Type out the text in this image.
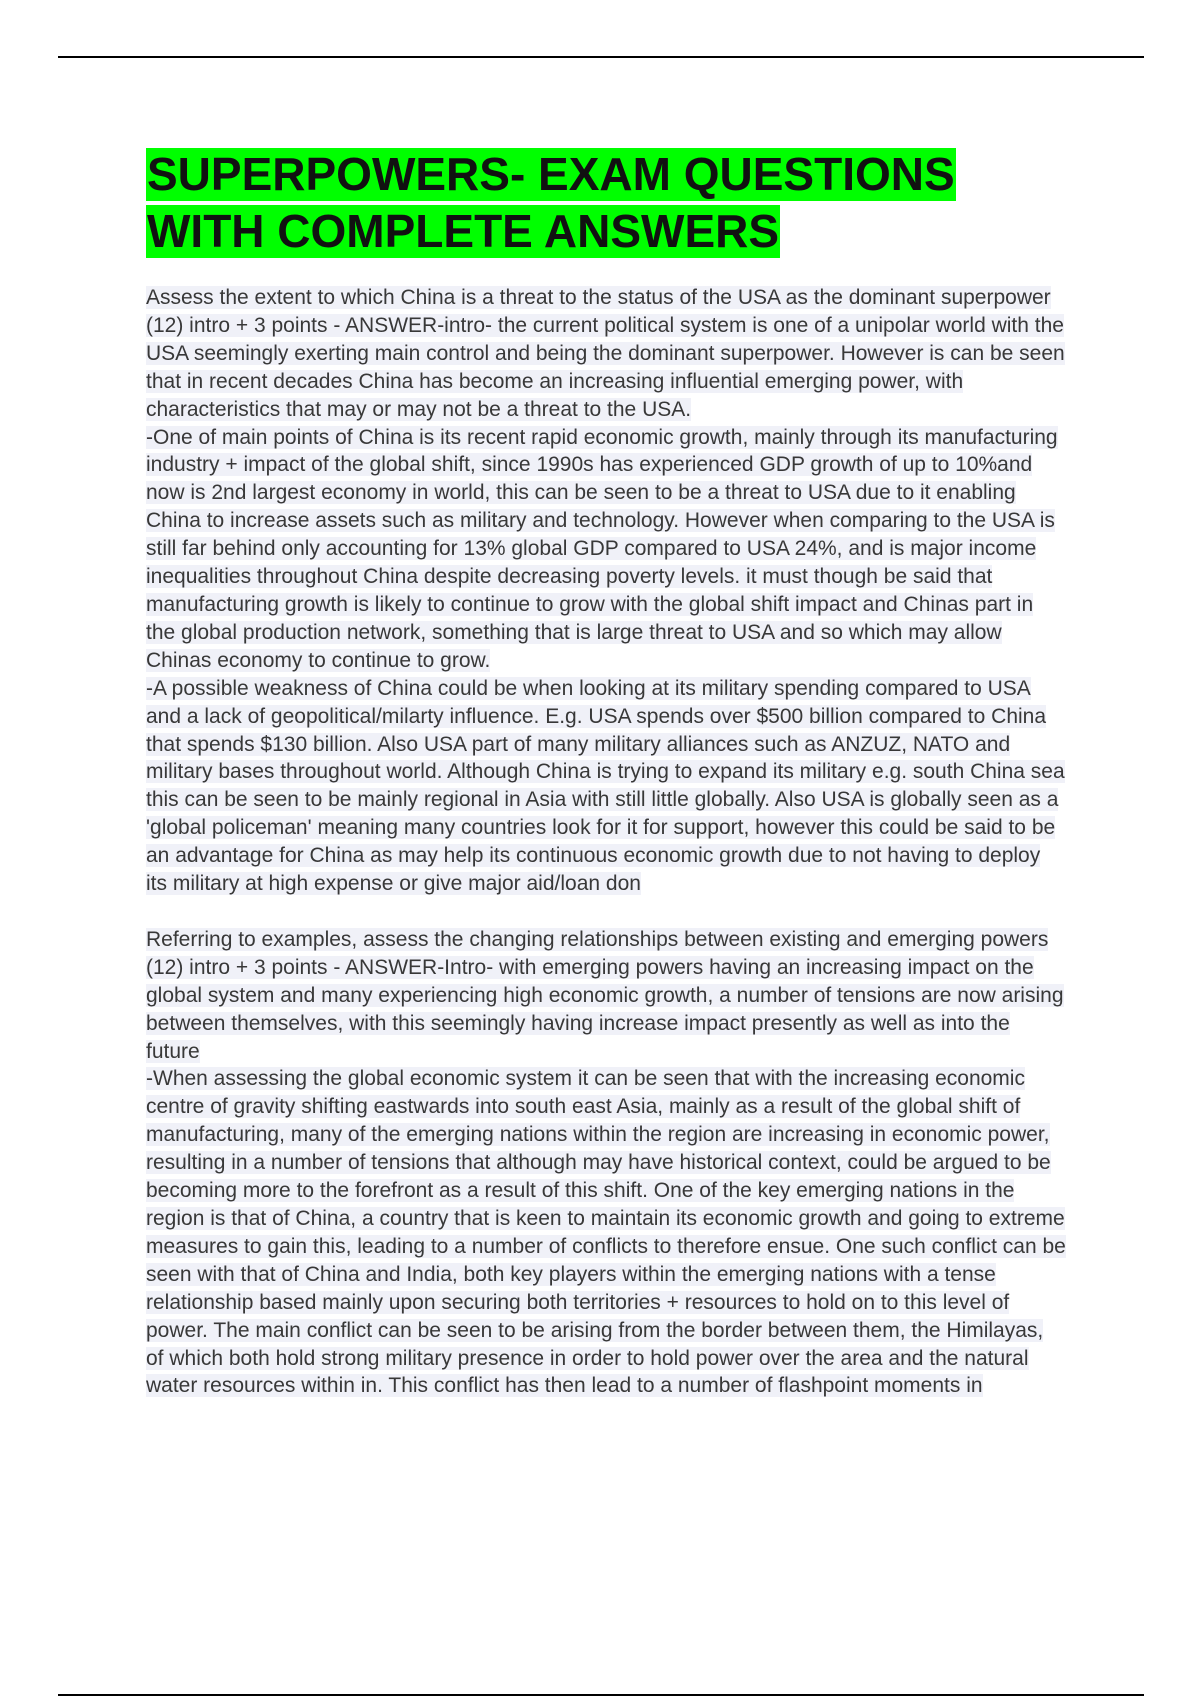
SUPERPOWERS- EXAM QUESTIONS
WITH COMPLETE ANSWERS

Assess the extent to which China is a threat to the status of the USA as the dominant superpower (12) intro + 3 points - ANSWER-intro- the current political system is one of a unipolar world with the USA seemingly exerting main control and being the dominant superpower. However is can be seen that in recent decades China has become an increasing influential emerging power, with characteristics that may or may not be a threat to the USA.

-One of main points of China is its recent rapid economic growth, mainly through its manufacturing industry + impact of the global shift, since 1990s has experienced GDP growth of up to 10%and now is 2nd largest economy in world, this can be seen to be a threat to USA due to it enabling China to increase assets such as military and technology. However when comparing to the USA is still far behind only accounting for 13% global GDP compared to USA 24%, and is major income inequalities throughout China despite decreasing poverty levels. it must though be said that manufacturing growth is likely to continue to grow with the global shift impact and Chinas part in the global production network, something that is large threat to USA and so which may allow Chinas economy to continue to grow.

-A possible weakness of China could be when looking at its military spending compared to USA and a lack of geopolitical/milarty influence. E.g. USA spends over $500 billion compared to China that spends $130 billion. Also USA part of many military alliances such as ANZUZ, NATO and military bases throughout world. Although China is trying to expand its military e.g. south China sea this can be seen to be mainly regional in Asia with still little globally. Also USA is globally seen as a 'global policeman' meaning many countries look for it for support, however this could be said to be an advantage for China as may help its continuous economic growth due to not having to deploy its military at high expense or give major aid/loan don

Referring to examples, assess the changing relationships between existing and emerging powers (12) intro + 3 points - ANSWER-Intro- with emerging powers having an increasing impact on the global system and many experiencing high economic growth, a number of tensions are now arising between themselves, with this seemingly having increase impact presently as well as into the future

-When assessing the global economic system it can be seen that with the increasing economic centre of gravity shifting eastwards into south east Asia, mainly as a result of the global shift of manufacturing, many of the emerging nations within the region are increasing in economic power, resulting in a number of tensions that although may have historical context, could be argued to be becoming more to the forefront as a result of this shift. One of the key emerging nations in the region is that of China, a country that is keen to maintain its economic growth and going to extreme measures to gain this, leading to a number of conflicts to therefore ensue. One such conflict can be seen with that of China and India, both key players within the emerging nations with a tense relationship based mainly upon securing both territories + resources to hold on to this level of power. The main conflict can be seen to be arising from the border between them, the Himilayas, of which both hold strong military presence in order to hold power over the area and the natural water resources within in. This conflict has then lead to a number of flashpoint moments in
